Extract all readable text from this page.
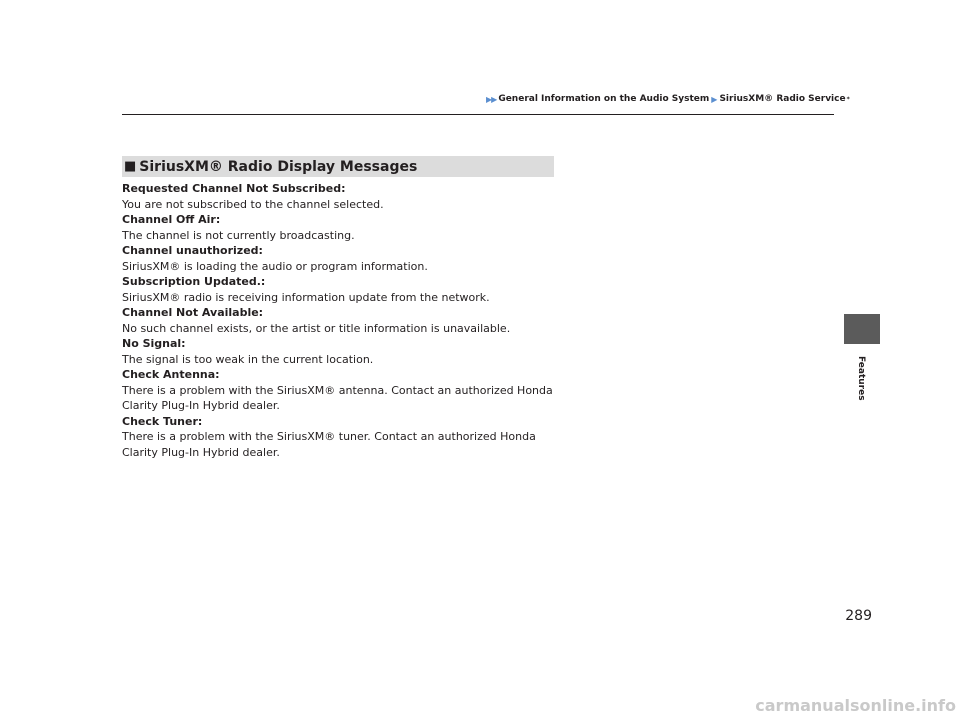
▶▶ General Information on the Audio System ▶ SiriusXM® Radio Service *
■ SiriusXM® Radio Display Messages
Requested Channel Not Subscribed:
You are not subscribed to the channel selected.
Channel Off Air:
The channel is not currently broadcasting.
Channel unauthorized:
SiriusXM® is loading the audio or program information.
Subscription Updated.:
SiriusXM® radio is receiving information update from the network.
Channel Not Available:
No such channel exists, or the artist or title information is unavailable.
No Signal:
The signal is too weak in the current location.
Check Antenna:
There is a problem with the SiriusXM® antenna. Contact an authorized Honda Clarity Plug-In Hybrid dealer.
Check Tuner:
There is a problem with the SiriusXM® tuner. Contact an authorized Honda Clarity Plug-In Hybrid dealer.
Features
289
carmanualsonline.info
